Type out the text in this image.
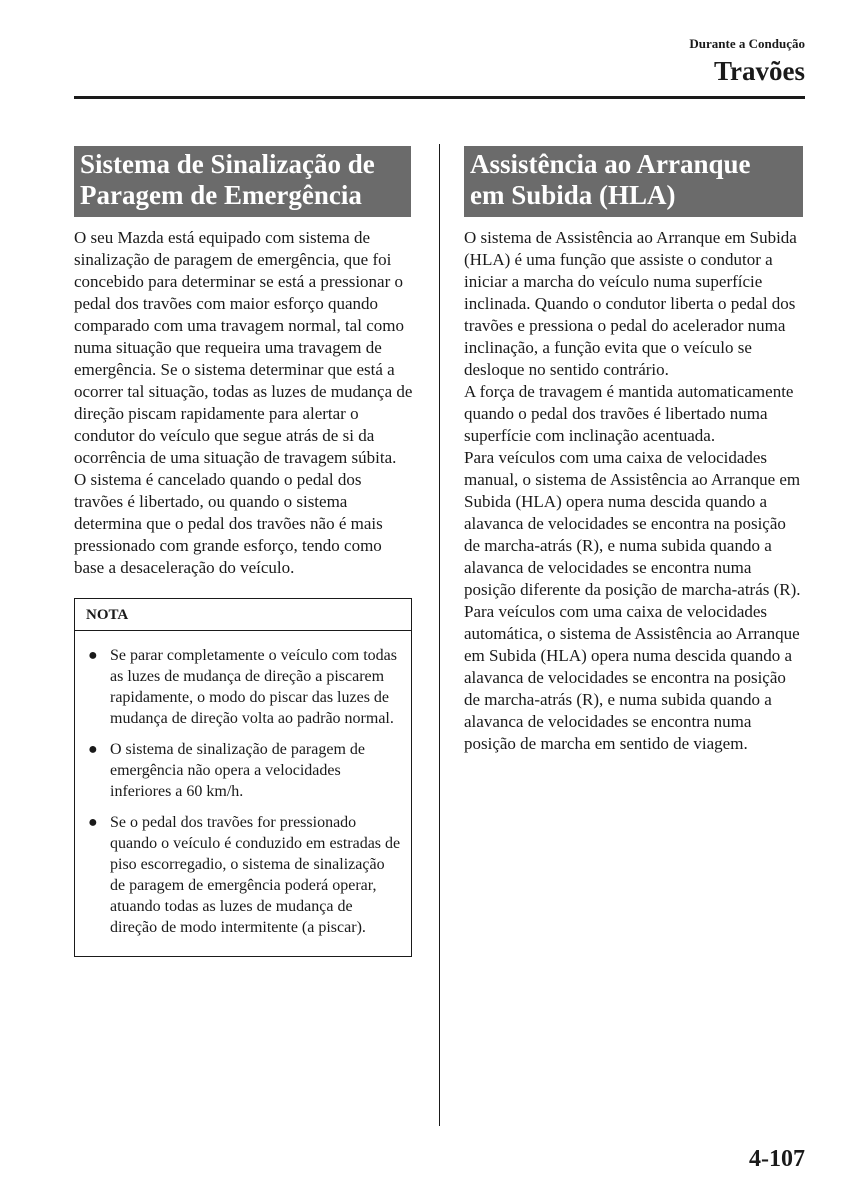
Durante a Condução
Travões
Sistema de Sinalização de
Paragem de Emergência
O seu Mazda está equipado com sistema de sinalização de paragem de emergência, que foi concebido para determinar se está a pressionar o pedal dos travões com maior esforço quando comparado com uma travagem normal, tal como numa situação que requeira uma travagem de emergência. Se o sistema determinar que está a ocorrer tal situação, todas as luzes de mudança de direção piscam rapidamente para alertar o condutor do veículo que segue atrás de si da ocorrência de uma situação de travagem súbita.
O sistema é cancelado quando o pedal dos travões é libertado, ou quando o sistema determina que o pedal dos travões não é mais pressionado com grande esforço, tendo como base a desaceleração do veículo.
NOTA
● Se parar completamente o veículo com todas as luzes de mudança de direção a piscarem rapidamente, o modo do piscar das luzes de mudança de direção volta ao padrão normal.
● O sistema de sinalização de paragem de emergência não opera a velocidades inferiores a 60 km/h.
● Se o pedal dos travões for pressionado quando o veículo é conduzido em estradas de piso escorregadio, o sistema de sinalização de paragem de emergência poderá operar, atuando todas as luzes de mudança de direção de modo intermitente (a piscar).
Assistência ao Arranque
em Subida (HLA)
O sistema de Assistência ao Arranque em Subida (HLA) é uma função que assiste o condutor a iniciar a marcha do veículo numa superfície inclinada. Quando o condutor liberta o pedal dos travões e pressiona o pedal do acelerador numa inclinação, a função evita que o veículo se desloque no sentido contrário.
A força de travagem é mantida automaticamente quando o pedal dos travões é libertado numa superfície com inclinação acentuada.
Para veículos com uma caixa de velocidades manual, o sistema de Assistência ao Arranque em Subida (HLA) opera numa descida quando a alavanca de velocidades se encontra na posição de marcha-atrás (R), e numa subida quando a alavanca de velocidades se encontra numa posição diferente da posição de marcha-atrás (R).
Para veículos com uma caixa de velocidades automática, o sistema de Assistência ao Arranque em Subida (HLA) opera numa descida quando a alavanca de velocidades se encontra na posição de marcha-atrás (R), e numa subida quando a alavanca de velocidades se encontra numa posição de marcha em sentido de viagem.
4-107
